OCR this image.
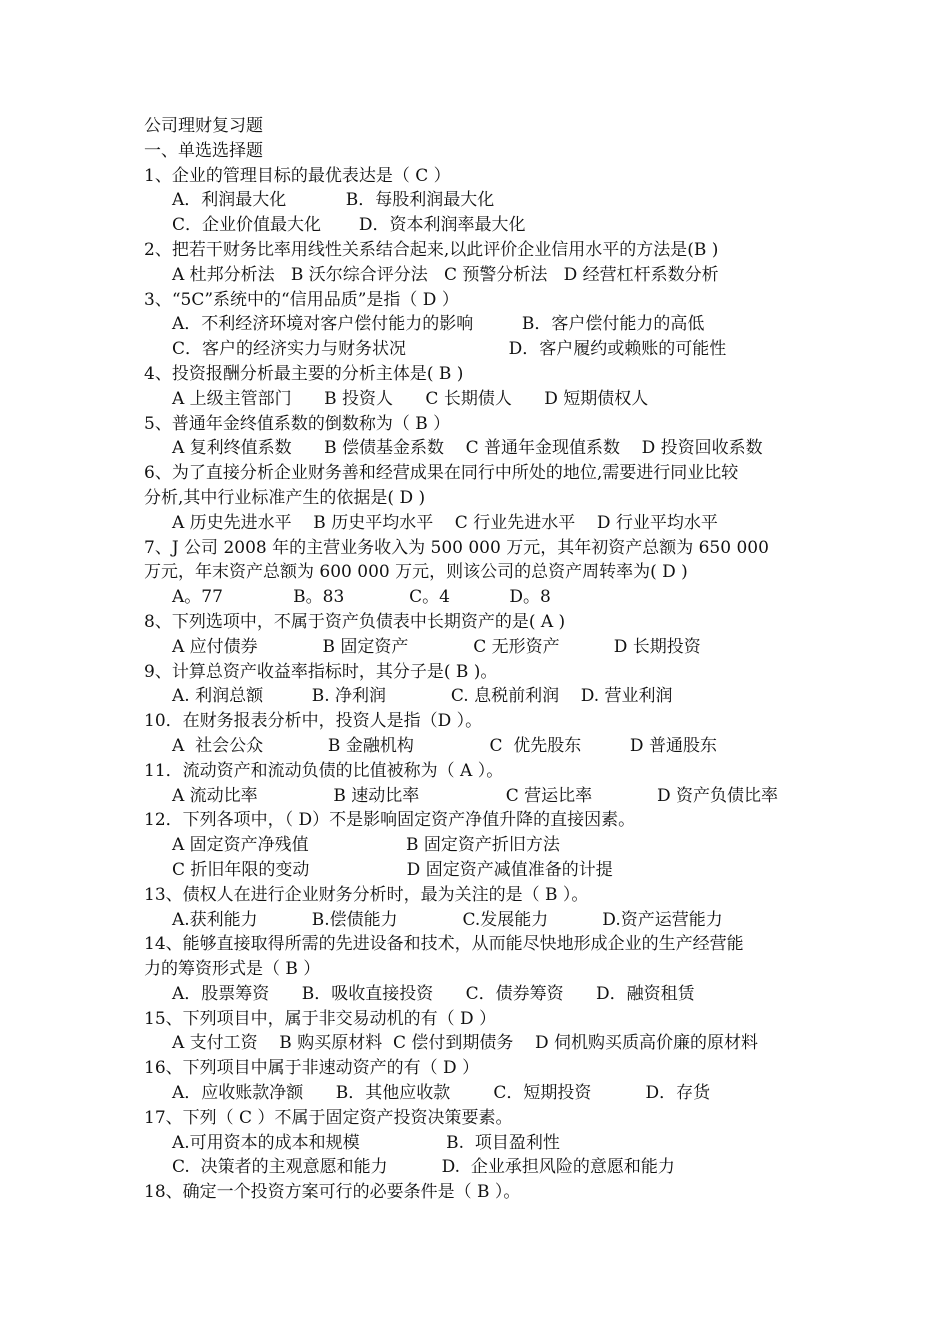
公司理财复习题
一、单选选择题
1、企业的管理目标的最优表达是（ C ）
A．利润最大化           B．每股利润最大化
C．企业价值最大化       D．资本利润率最大化
2、把若干财务比率用线性关系结合起来,以此评价企业信用水平的方法是(B )
A 杜邦分析法   B 沃尔综合评分法   C 预警分析法   D 经营杠杆系数分析
3、“5C”系统中的“信用品质”是指（ D ）
A．不利经济环境对客户偿付能力的影响         B．客户偿付能力的高低
C．客户的经济实力与财务状况                   D．客户履约或赖账的可能性
4、投资报酬分析最主要的分析主体是( B )
A 上级主管部门      B 投资人      C 长期债人      D 短期债权人
5、普通年金终值系数的倒数称为（ B ）
A 复利终值系数      B 偿债基金系数    C 普通年金现值系数    D 投资回收系数
6、为了直接分析企业财务善和经营成果在同行中所处的地位,需要进行同业比较
分析,其中行业标准产生的依据是( D )
A 历史先进水平    B 历史平均水平    C 行业先进水平    D 行业平均水平
7、J 公司 2008 年的主营业务收入为 500 000 万元，其年初资产总额为 650 000
万元，年末资产总额为 600 000 万元，则该公司的总资产周转率为( D )
A。77             B。83            C。4           D。8
8、下列选项中，不属于资产负债表中长期资产的是( A )
A 应付债券            B 固定资产            C 无形资产          D 长期投资
9、计算总资产收益率指标时，其分子是( B )。
A. 利润总额         B. 净利润            C. 息税前利润    D. 营业利润
10．在财务报表分析中，投资人是指（D ）。
A  社会公众            B 金融机构              C  优先股东         D 普通股东
11．流动资产和流动负债的比值被称为（ A ）。
A 流动比率              B 速动比率                C 营运比率            D 资产负债比率
12．下列各项中，（ D）不是影响固定资产净值升降的直接因素。
A 固定资产净残值                  B 固定资产折旧方法
C 折旧年限的变动                  D 固定资产减值准备的计提
13、债权人在进行企业财务分析时，最为关注的是（ B ）。
A.获利能力          B.偿债能力            C.发展能力          D.资产运营能力
14、能够直接取得所需的先进设备和技术，从而能尽快地形成企业的生产经营能
力的筹资形式是（ B ）
A．股票筹资      B．吸收直接投资      C．债券筹资      D．融资租赁
15、下列项目中，属于非交易动机的有（ D ）
A 支付工资    B 购买原材料  C 偿付到期债务    D 伺机购买质高价廉的原材料
16、下列项目中属于非速动资产的有（ D ）
A．应收账款净额      B．其他应收款        C．短期投资          D．存货
17、下列（ C ）不属于固定资产投资决策要素。
A.可用资本的成本和规模                B.  项目盈利性
C.  决策者的主观意愿和能力          D.  企业承担风险的意愿和能力
18、确定一个投资方案可行的必要条件是（ B ）。
